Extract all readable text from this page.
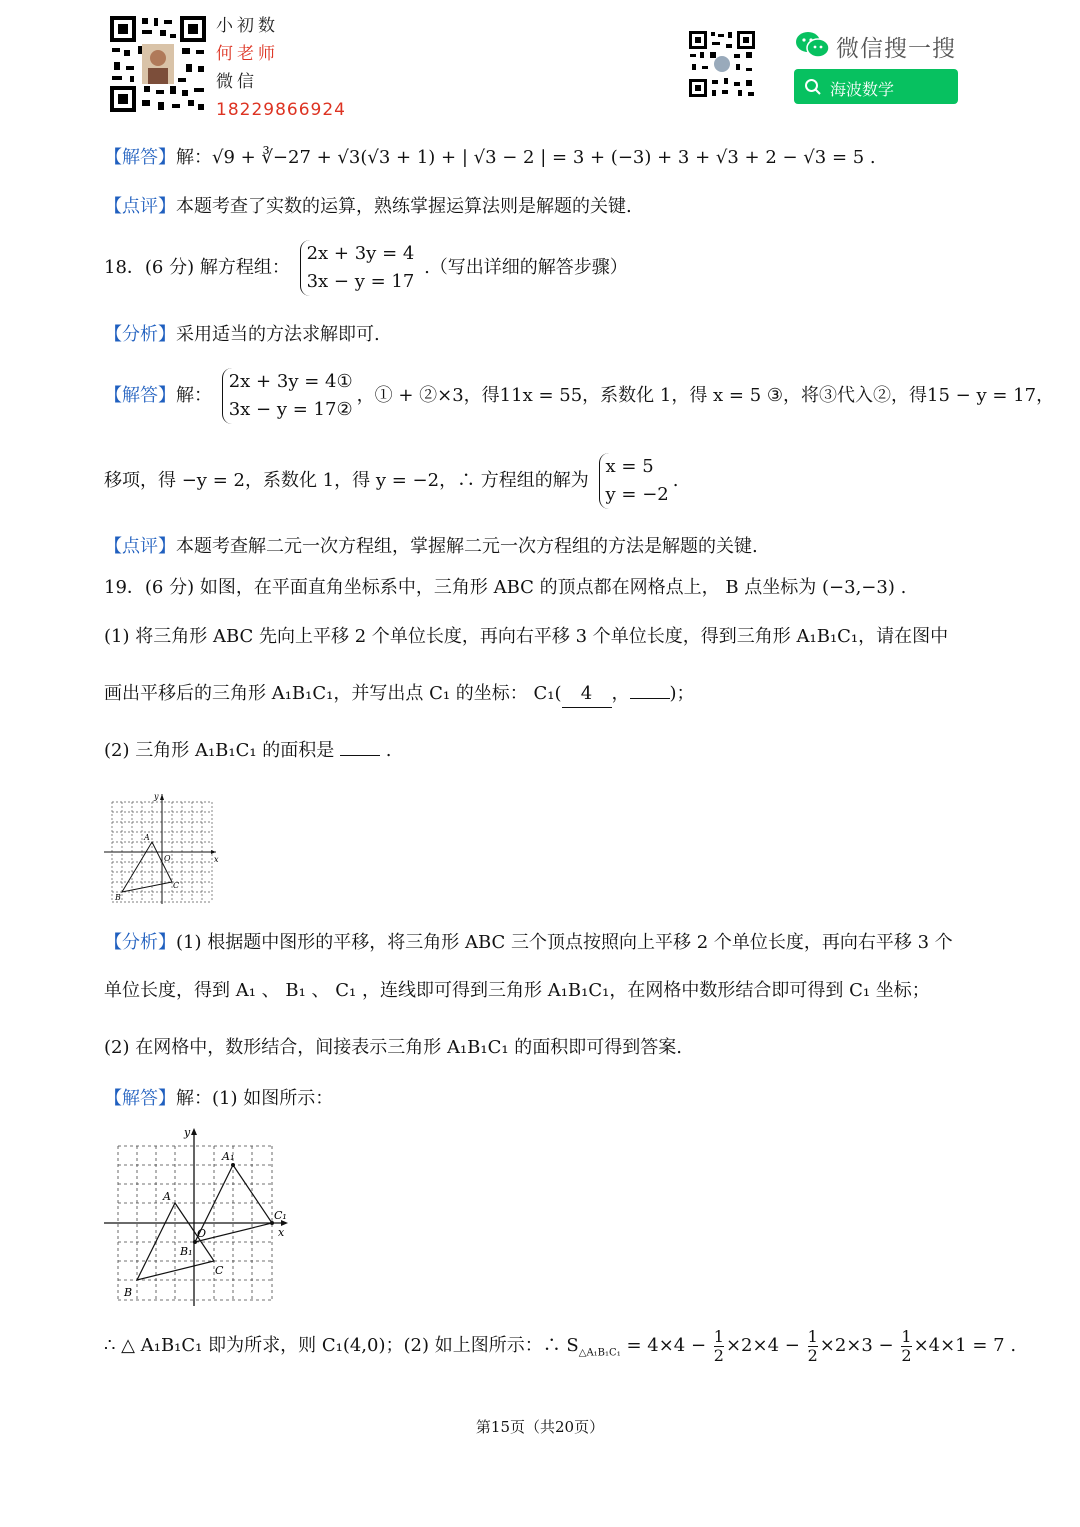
小初数
何老师
微信
18229866924
微信搜一搜
海波数学
【解答】解：√9 + ∛−27 + √3(√3 + 1) + | √3 − 2 | = 3 + (−3) + 3 + √3 + 2 − √3 = 5 .
【点评】本题考查了实数的运算，熟练掌握运算法则是解题的关键.
18．(6 分) 解方程组：
2x + 3y = 4
3x − y = 17
.（写出详细的解答步骤）
【分析】采用适当的方法求解即可.
【解答】解：
2x + 3y = 4①
3x − y = 17②
，① + ②×3，得11x = 55，系数化 1，得 x = 5 ③，将③代入②，得15 − y = 17，
移项，得 −y = 2，系数化 1，得 y = −2，∴ 方程组的解为
x = 5
y = −2
.
【点评】本题考查解二元一次方程组，掌握解二元一次方程组的方法是解题的关键.
19．(6 分) 如图，在平面直角坐标系中，三角形 ABC 的顶点都在网格点上， B 点坐标为 (−3,−3) .
(1) 将三角形 ABC 先向上平移 2 个单位长度，再向右平移 3 个单位长度，得到三角形 A₁B₁C₁，请在图中
画出平移后的三角形 A₁B₁C₁，并写出点 C₁ 的坐标： C₁( 4 ， )；
(2) 三角形 A₁B₁C₁ 的面积是	.
y
A
O	x
C
B
【分析】(1) 根据题中图形的平移，将三角形 ABC 三个顶点按照向上平移 2 个单位长度，再向右平移 3 个
单位长度，得到 A₁ 、 B₁ 、 C₁ ，连线即可得到三角形 A₁B₁C₁，在网格中数形结合即可得到 C₁ 坐标；
(2) 在网格中，数形结合，间接表示三角形 A₁B₁C₁ 的面积即可得到答案.
【解答】解：(1) 如图所示：
y
A₁
A
C₁
O	x
B₁
C
B
∴ △ A₁B₁C₁ 即为所求，则 C₁(4,0)；(2) 如上图所示：∴ $S_{\triangle A_1B_1C_1} = 4\times 4 - \frac{1}{2} \times 2\times 4 - \frac{1}{2} \times 2\times 3 - \frac{1}{2} \times 4\times 1 = 7$ .
第15页（共20页）
